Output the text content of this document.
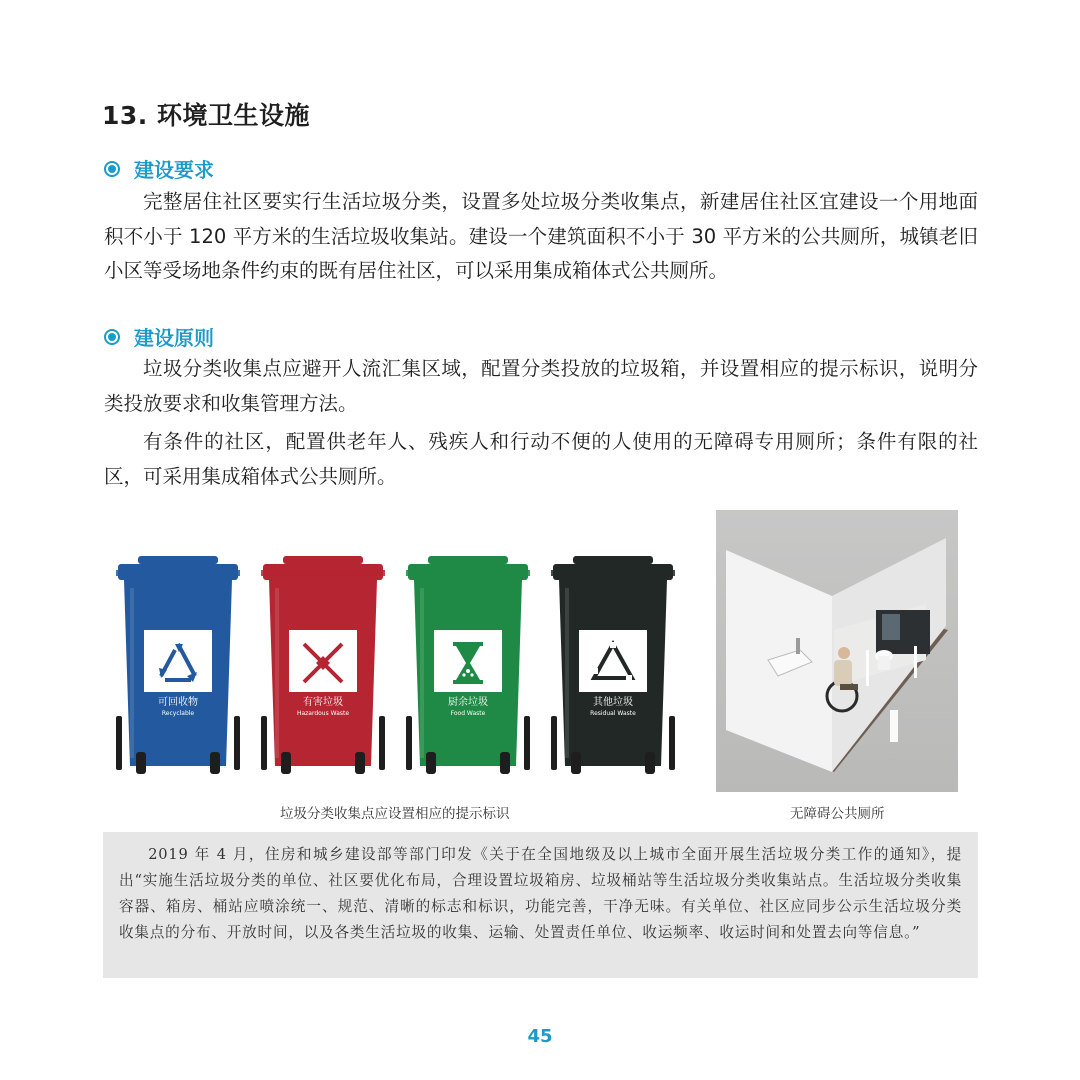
13. 环境卫生设施
建设要求

完整居住社区要实行生活垃圾分类，设置多处垃圾分类收集点，新建居住社区宜建设一个用地面积不小于 120 平方米的生活垃圾收集站。建设一个建筑面积不小于 30 平方米的公共厕所，城镇老旧小区等受场地条件约束的既有居住社区，可以采用集成箱体式公共厕所。

建设原则

垃圾分类收集点应避开人流汇集区域，配置分类投放的垃圾箱，并设置相应的提示标识，说明分类投放要求和收集管理方法。

有条件的社区，配置供老年人、残疾人和行动不便的人使用的无障碍专用厕所；条件有限的社区，可采用集成箱体式公共厕所。

可回收物
Recyclable
有害垃圾
Hazardous Waste
厨余垃圾
Food Waste
其他垃圾
Residual Waste
垃圾分类收集点应设置相应的提示标识	无障碍公共厕所

2019 年 4 月，住房和城乡建设部等部门印发《关于在全国地级及以上城市全面开展生活垃圾分类工作的通知》，提出“实施生活垃圾分类的单位、社区要优化布局，合理设置垃圾箱房、垃圾桶站等生活垃圾分类收集站点。生活垃圾分类收集容器、箱房、桶站应喷涂统一、规范、清晰的标志和标识，功能完善，干净无味。有关单位、社区应同步公示生活垃圾分类收集点的分布、开放时间，以及各类生活垃圾的收集、运输、处置责任单位、收运频率、收运时间和处置去向等信息。”

45
